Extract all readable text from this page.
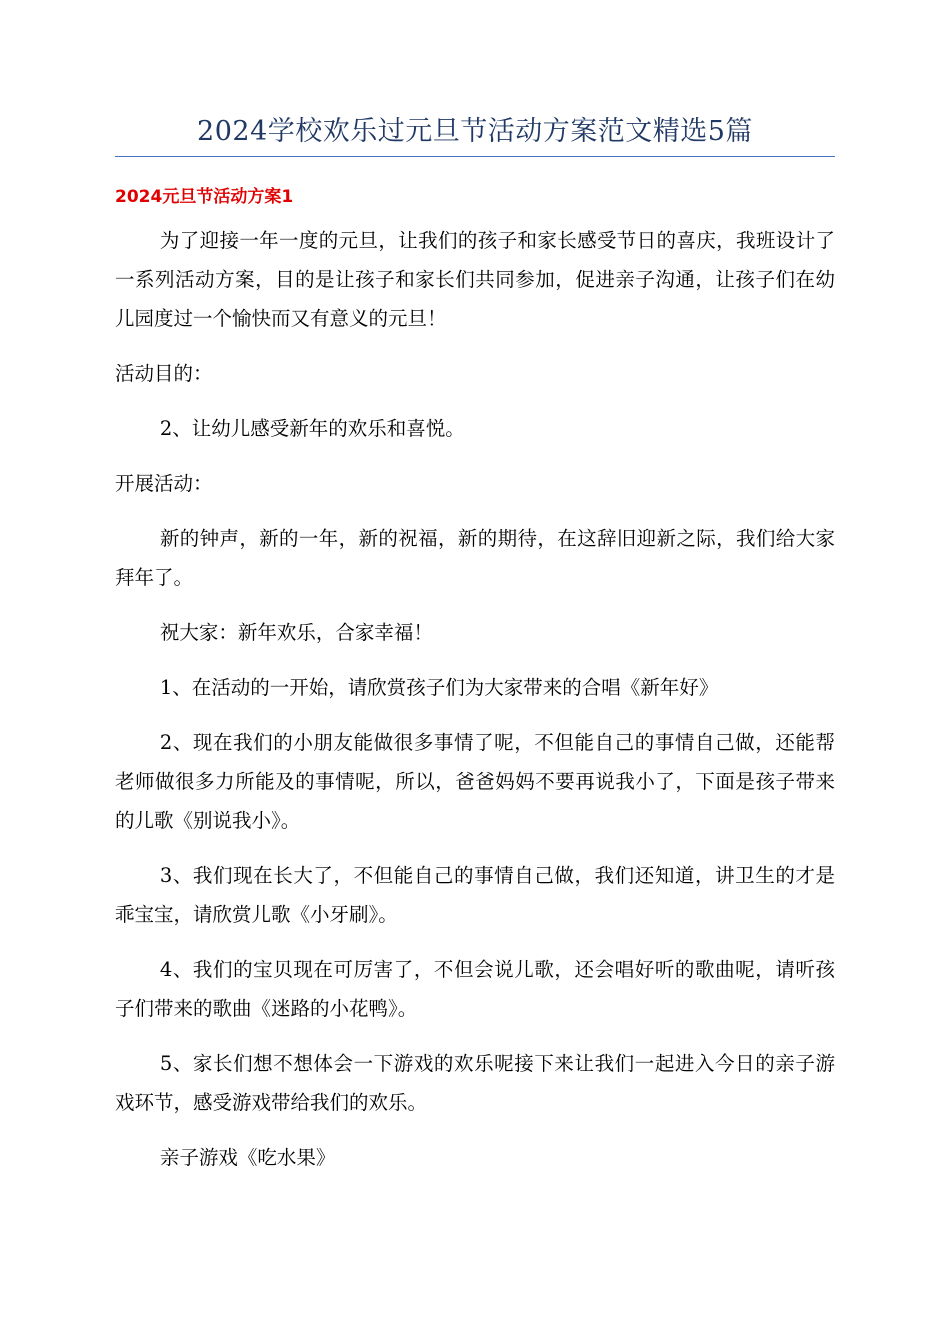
2024学校欢乐过元旦节活动方案范文精选5篇
2024元旦节活动方案1

为了迎接一年一度的元旦，让我们的孩子和家长感受节日的喜庆，我班设计了一系列活动方案，目的是让孩子和家长们共同参加，促进亲子沟通，让孩子们在幼儿园度过一个愉快而又有意义的元旦！

活动目的：

2、让幼儿感受新年的欢乐和喜悦。

开展活动：

新的钟声，新的一年，新的祝福，新的期待，在这辞旧迎新之际，我们给大家拜年了。

祝大家：新年欢乐，合家幸福！

1、在活动的一开始，请欣赏孩子们为大家带来的合唱《新年好》

2、现在我们的小朋友能做很多事情了呢，不但能自己的事情自己做，还能帮老师做很多力所能及的事情呢，所以，爸爸妈妈不要再说我小了，下面是孩子带来的儿歌《别说我小》。

3、我们现在长大了，不但能自己的事情自己做，我们还知道，讲卫生的才是乖宝宝，请欣赏儿歌《小牙刷》。

4、我们的宝贝现在可厉害了，不但会说儿歌，还会唱好听的歌曲呢，请听孩子们带来的歌曲《迷路的小花鸭》。

5、家长们想不想体会一下游戏的欢乐呢接下来让我们一起进入今日的亲子游戏环节，感受游戏带给我们的欢乐。

亲子游戏《吃水果》
